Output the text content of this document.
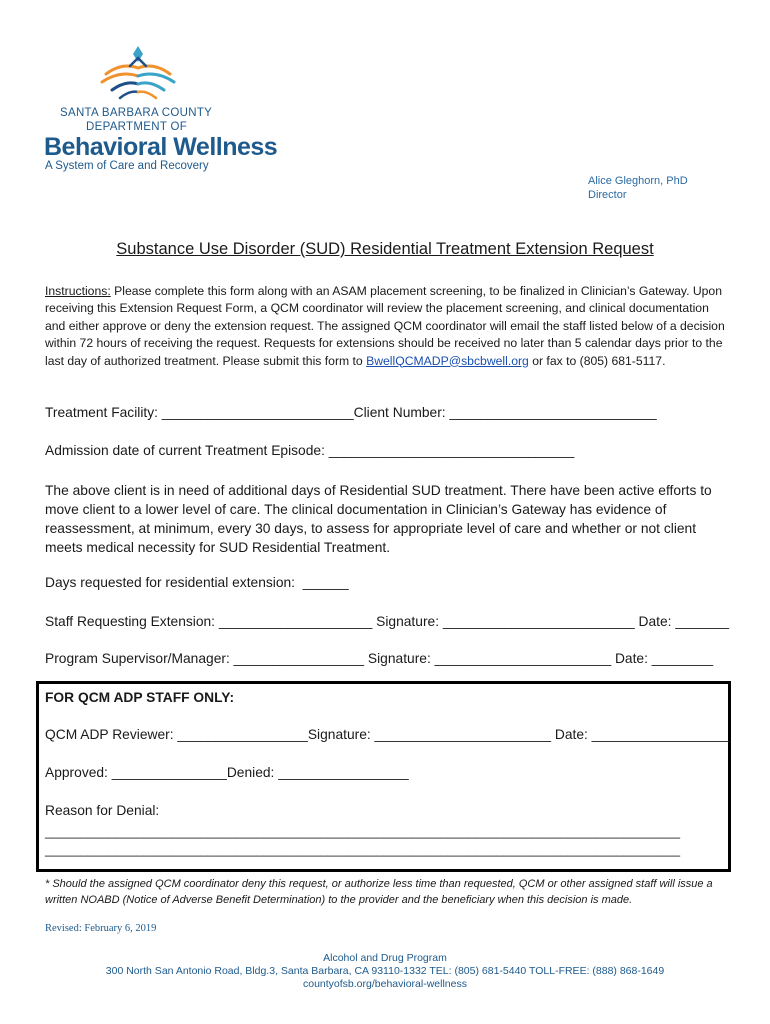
SANTA BARBARA COUNTY
DEPARTMENT OF
Behavioral Wellness
A System of Care and Recovery
Alice Gleghorn, PhD
Director
Substance Use Disorder (SUD) Residential Treatment Extension Request
Instructions: Please complete this form along with an ASAM placement screening, to be finalized in Clinician’s Gateway. Upon receiving this Extension Request Form, a QCM coordinator will review the placement screening, and clinical documentation and either approve or deny the extension request. The assigned QCM coordinator will email the staff listed below of a decision within 72 hours of receiving the request. Requests for extensions should be received no later than 5 calendar days prior to the last day of authorized treatment. Please submit this form to BwellQCMADP@sbcbwell.org or fax to (805) 681-5117.
Treatment Facility: _________________________Client Number: ___________________________
Admission date of current Treatment Episode: ________________________________
The above client is in need of additional days of Residential SUD treatment. There have been active efforts to move client to a lower level of care. The clinical documentation in Clinician’s Gateway has evidence of reassessment, at minimum, every 30 days, to assess for appropriate level of care and whether or not client meets medical necessity for SUD Residential Treatment.
Days requested for residential extension:  ______
Staff Requesting Extension: ____________________ Signature: _________________________ Date: _______
Program Supervisor/Manager: _________________ Signature: _______________________ Date: ________
FOR QCM ADP STAFF ONLY:
QCM ADP Reviewer: _________________Signature: _______________________ Date: __________________
Approved: _______________Denied: _________________
Reason for Denial:
__________________________________________________________________________________________
__________________________________________________________________________________________
* Should the assigned QCM coordinator deny this request, or authorize less time than requested, QCM or other assigned staff will issue a written NOABD (Notice of Adverse Benefit Determination) to the provider and the beneficiary when this decision is made.
Revised: February 6, 2019
Alcohol and Drug Program
300 North San Antonio Road, Bldg.3, Santa Barbara, CA 93110-1332 TEL: (805) 681-5440 TOLL-FREE: (888) 868-1649
countyofsb.org/behavioral-wellness
